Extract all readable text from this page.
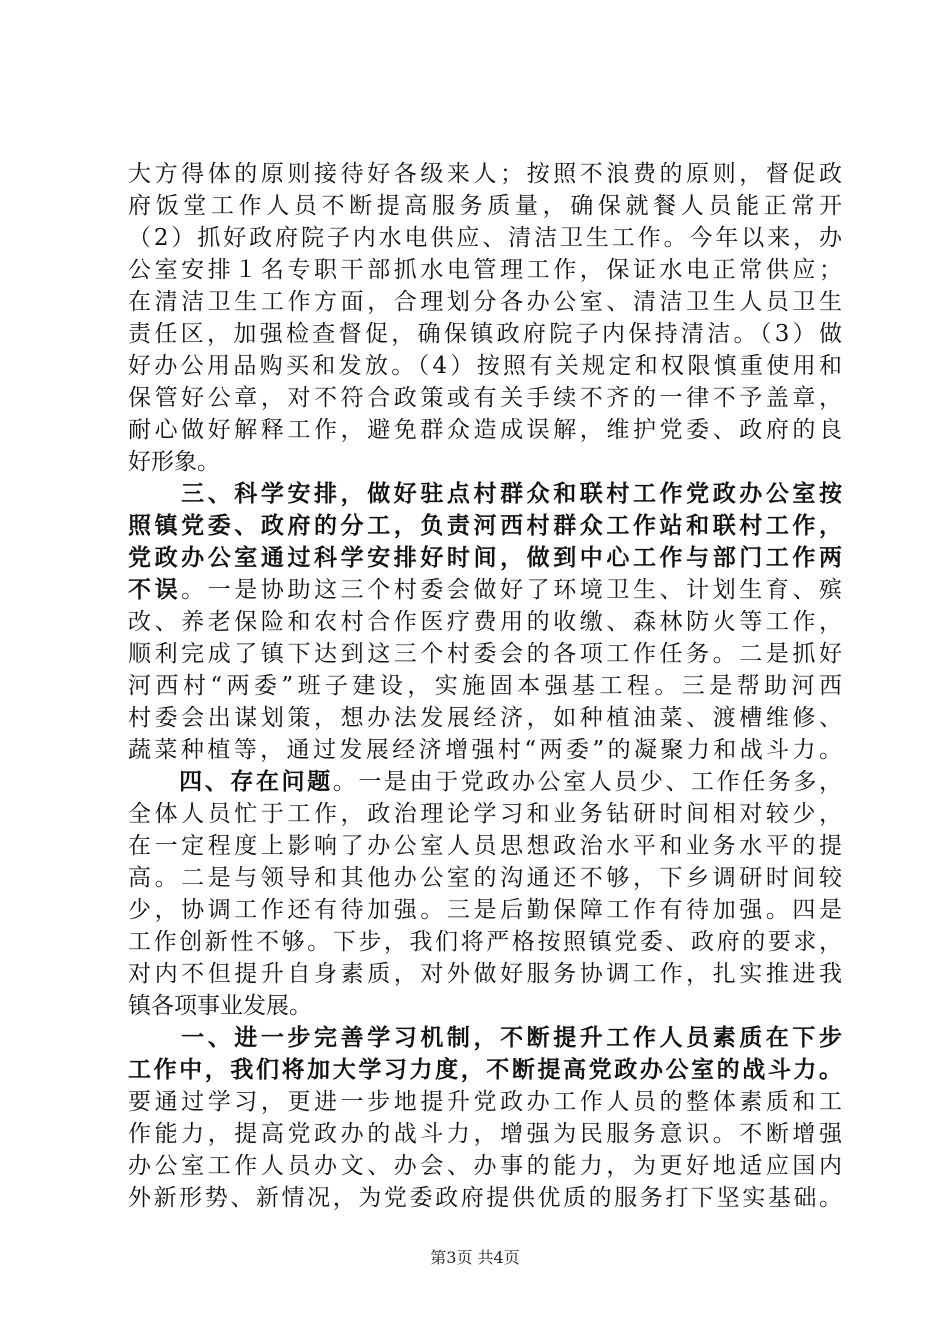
大方得体的原则接待好各级来人；按照不浪费的原则，督促政
府饭堂工作人员不断提高服务质量，确保就餐人员能正常开
（2）抓好政府院子内水电供应、清洁卫生工作。今年以来，办
公室安排１名专职干部抓水电管理工作，保证水电正常供应；
在清洁卫生工作方面，合理划分各办公室、清洁卫生人员卫生
责任区，加强检查督促，确保镇政府院子内保持清洁。（3）做
好办公用品购买和发放。（4）按照有关规定和权限慎重使用和
保管好公章，对不符合政策或有关手续不齐的一律不予盖章，
耐心做好解释工作，避免群众造成误解，维护党委、政府的良
好形象。
　　三、科学安排，做好驻点村群众和联村工作党政办公室按
照镇党委、政府的分工，负责河西村群众工作站和联村工作，
党政办公室通过科学安排好时间，做到中心工作与部门工作两
不误。一是协助这三个村委会做好了环境卫生、计划生育、殡
改、养老保险和农村合作医疗费用的收缴、森林防火等工作，
顺利完成了镇下达到这三个村委会的各项工作任务。二是抓好
河西村“两委”班子建设，实施固本强基工程。三是帮助河西
村委会出谋划策，想办法发展经济，如种植油菜、渡槽维修、
蔬菜种植等，通过发展经济增强村“两委”的凝聚力和战斗力。
　　四、存在问题。一是由于党政办公室人员少、工作任务多，
全体人员忙于工作，政治理论学习和业务钻研时间相对较少，
在一定程度上影响了办公室人员思想政治水平和业务水平的提
高。二是与领导和其他办公室的沟通还不够，下乡调研时间较
少，协调工作还有待加强。三是后勤保障工作有待加强。四是
工作创新性不够。下步，我们将严格按照镇党委、政府的要求，
对内不但提升自身素质，对外做好服务协调工作，扎实推进我
镇各项事业发展。
　　一、进一步完善学习机制，不断提升工作人员素质在下步
工作中，我们将加大学习力度，不断提高党政办公室的战斗力。
要通过学习，更进一步地提升党政办工作人员的整体素质和工
作能力，提高党政办的战斗力，增强为民服务意识。不断增强
办公室工作人员办文、办会、办事的能力，为更好地适应国内
外新形势、新情况，为党委政府提供优质的服务打下坚实基础。
第3页 共4页
